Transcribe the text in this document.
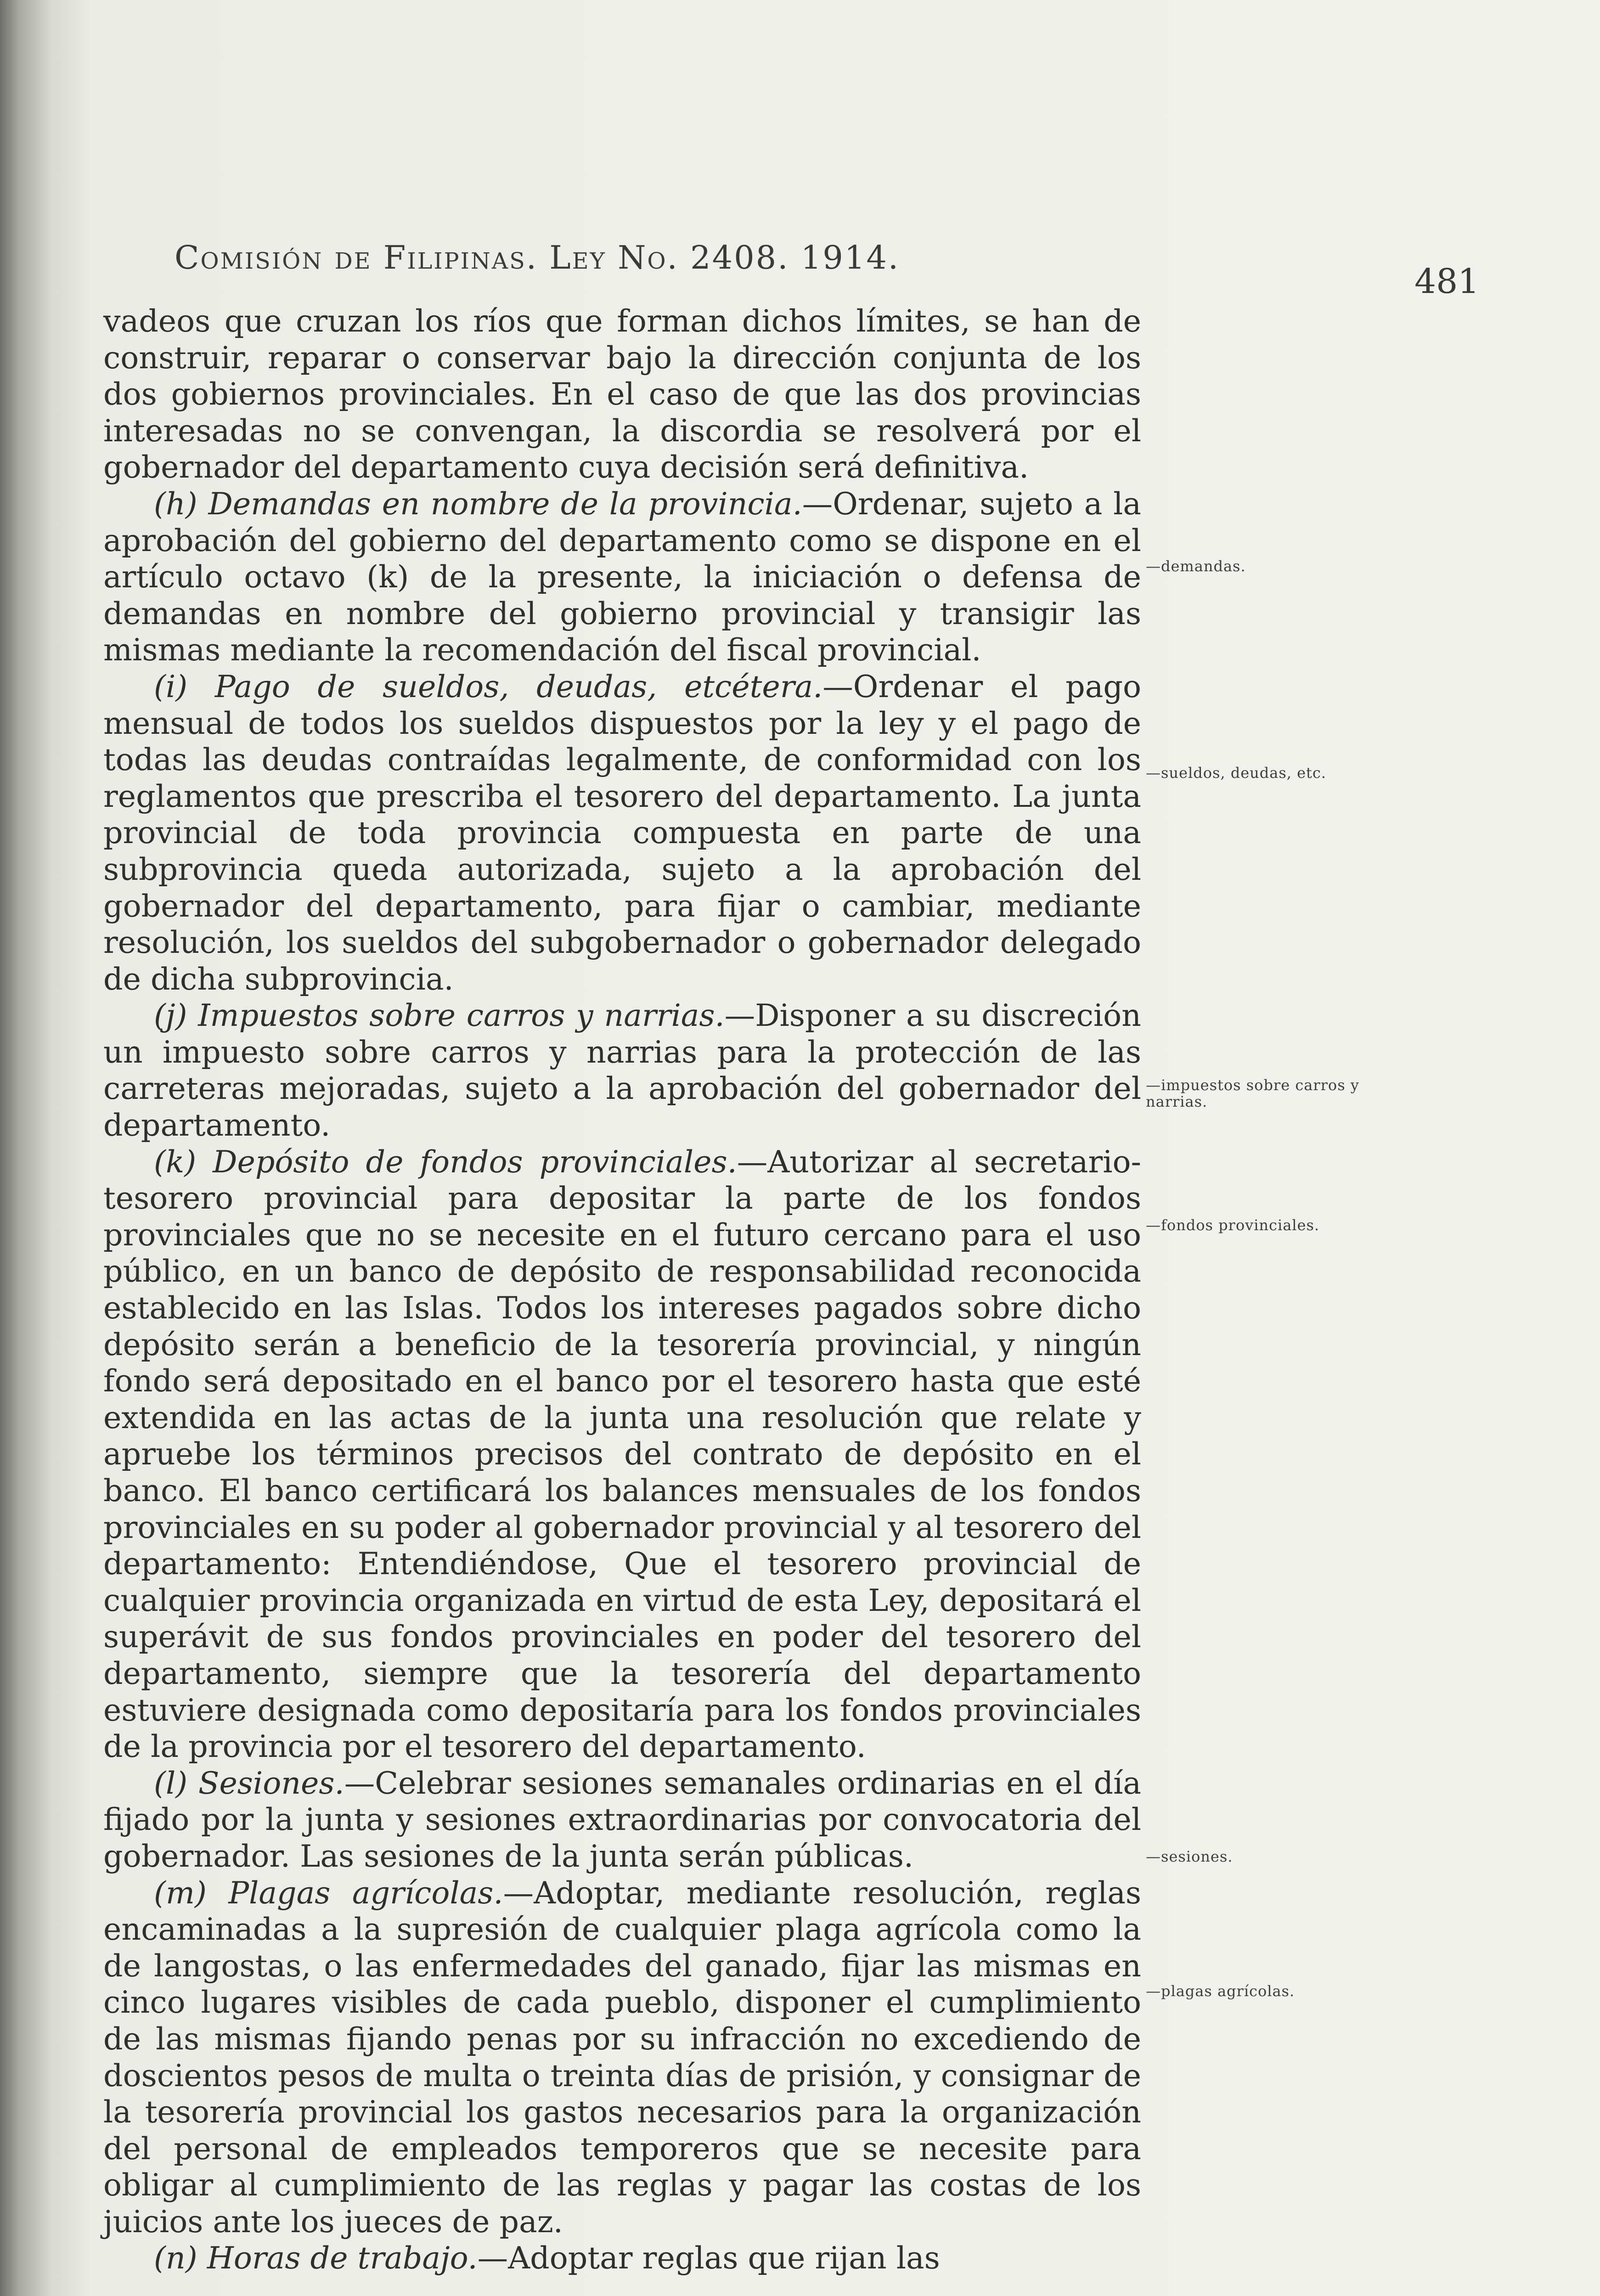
Comisión de Filipinas. Ley No. 2408. 1914.
481

vadeos que cruzan los ríos que forman dichos límites, se han de construir, reparar o conservar bajo la dirección conjunta de los dos gobiernos provinciales. En el caso de que las dos provincias interesadas no se convengan, la discordia se resolverá por el gobernador del departamento cuya decisión será definitiva.

(h) Demandas en nombre de la provincia.—Ordenar, sujeto a la aprobación del gobierno del departamento como se dispone en el artículo octavo (k) de la presente, la iniciación o defensa de demandas en nombre del gobierno provincial y transigir las mismas mediante la recomendación del fiscal provincial.

(i) Pago de sueldos, deudas, etcétera.—Ordenar el pago mensual de todos los sueldos dispuestos por la ley y el pago de todas las deudas contraídas legalmente, de conformidad con los reglamentos que prescriba el tesorero del departamento. La junta provincial de toda provincia compuesta en parte de una subprovincia queda autorizada, sujeto a la aprobación del gobernador del departamento, para fijar o cambiar, mediante resolución, los sueldos del subgobernador o gobernador delegado de dicha subprovincia.

(j) Impuestos sobre carros y narrias.—Disponer a su discreción un impuesto sobre carros y narrias para la protección de las carreteras mejoradas, sujeto a la aprobación del gobernador del departamento.

(k) Depósito de fondos provinciales.—Autorizar al secretario-tesorero provincial para depositar la parte de los fondos provinciales que no se necesite en el futuro cercano para el uso público, en un banco de depósito de responsabilidad reconocida establecido en las Islas. Todos los intereses pagados sobre dicho depósito serán a beneficio de la tesorería provincial, y ningún fondo será depositado en el banco por el tesorero hasta que esté extendida en las actas de la junta una resolución que relate y apruebe los términos precisos del contrato de depósito en el banco. El banco certificará los balances mensuales de los fondos provinciales en su poder al gobernador provincial y al tesorero del departamento: Entendiéndose, Que el tesorero provincial de cualquier provincia organizada en virtud de esta Ley, depositará el superávit de sus fondos provinciales en poder del tesorero del departamento, siempre que la tesorería del departamento estuviere designada como depositaría para los fondos provinciales de la provincia por el tesorero del departamento.

(l) Sesiones.—Celebrar sesiones semanales ordinarias en el día fijado por la junta y sesiones extraordinarias por convocatoria del gobernador. Las sesiones de la junta serán públicas.

(m) Plagas agrícolas.—Adoptar, mediante resolución, reglas encaminadas a la supresión de cualquier plaga agrícola como la de langostas, o las enfermedades del ganado, fijar las mismas en cinco lugares visibles de cada pueblo, disponer el cumplimiento de las mismas fijando penas por su infracción no excediendo de doscientos pesos de multa o treinta días de prisión, y consignar de la tesorería provincial los gastos necesarios para la organización del personal de empleados temporeros que se necesite para obligar al cumplimiento de las reglas y pagar las costas de los juicios ante los jueces de paz.

(n) Horas de trabajo.—Adoptar reglas que rijan las

—demandas.
—sueldos, deudas, etc.
—impuestos sobre carros y narrias.
—fondos provinciales.
—sesiones.
—plagas agrícolas.
